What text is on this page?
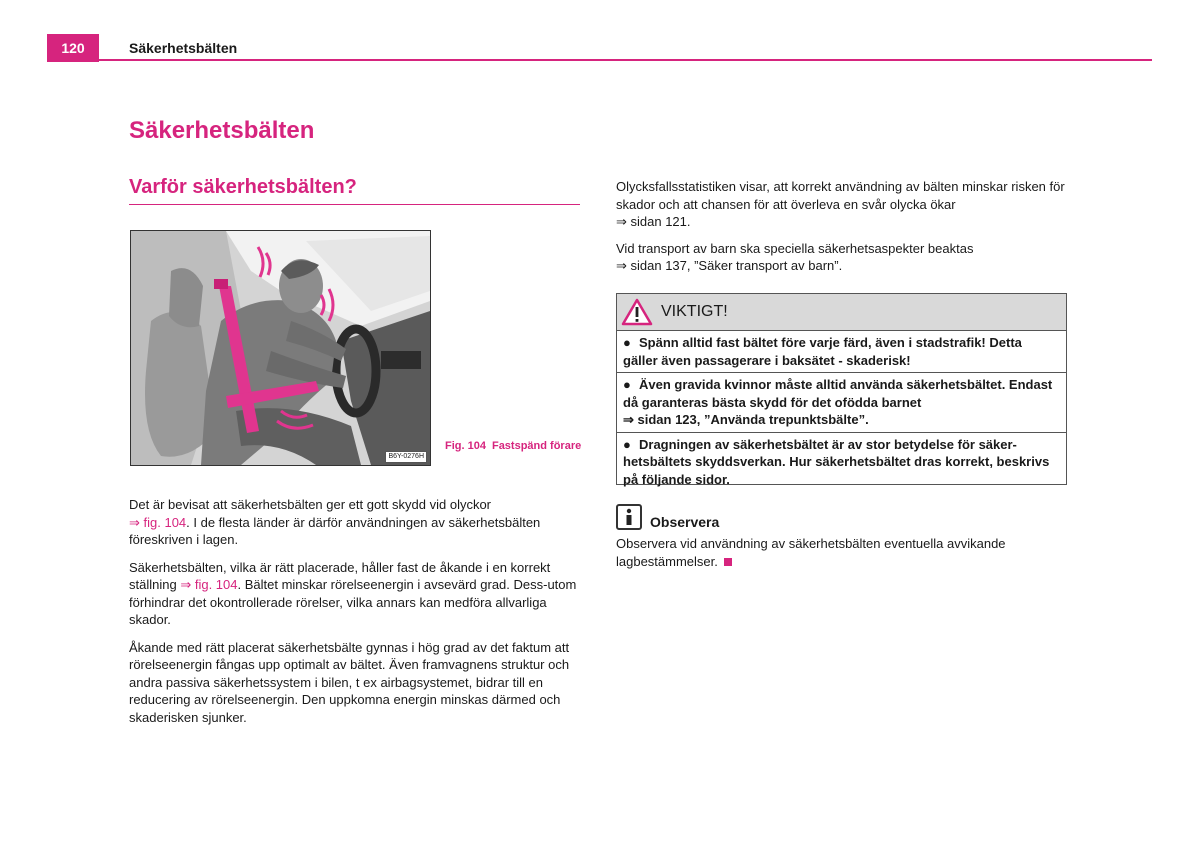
120	Säkerhetsbälten
Säkerhetsbälten
Varför säkerhetsbälten?
B6Y-0276H
Fig. 104 Fastspänd förare

Det är bevisat att säkerhetsbälten ger ett gott skydd vid olyckor
⇒ fig. 104. I de flesta länder är därför användningen av säkerhetsbälten föreskriven i lagen.

Säkerhetsbälten, vilka är rätt placerade, håller fast de åkande i en korrekt ställning ⇒ fig. 104. Bältet minskar rörelseenergin i avsevärd grad. Dess-utom förhindrar det okontrollerade rörelser, vilka annars kan medföra allvarliga skador.

Åkande med rätt placerat säkerhetsbälte gynnas i hög grad av det faktum att rörelseenergin fångas upp optimalt av bältet. Även framvagnens struktur och andra passiva säkerhetssystem i bilen, t ex airbagsystemet, bidrar till en reducering av rörelseenergin. Den uppkomna energin minskas därmed och skaderisken sjunker.

Olycksfallsstatistiken visar, att korrekt användning av bälten minskar risken för skador och att chansen för att överleva en svår olycka ökar
⇒ sidan 121.

Vid transport av barn ska speciella säkerhetsaspekter beaktas
⇒ sidan 137, ”Säker transport av barn”.

VIKTIGT!
● Spänn alltid fast bältet före varje färd, även i stadstrafik! Detta gäller även passagerare i baksätet - skaderisk!
● Även gravida kvinnor måste alltid använda säkerhetsbältet. Endast då garanteras bästa skydd för det ofödda barnet
⇒ sidan 123, ”Använda trepunktsbälte”.
● Dragningen av säkerhetsbältet är av stor betydelse för säker-hetsbältets skyddsverkan. Hur säkerhetsbältet dras korrekt, beskrivs på följande sidor.
Observera
Observera vid användning av säkerhetsbälten eventuella avvikande lagbestämmelser.
